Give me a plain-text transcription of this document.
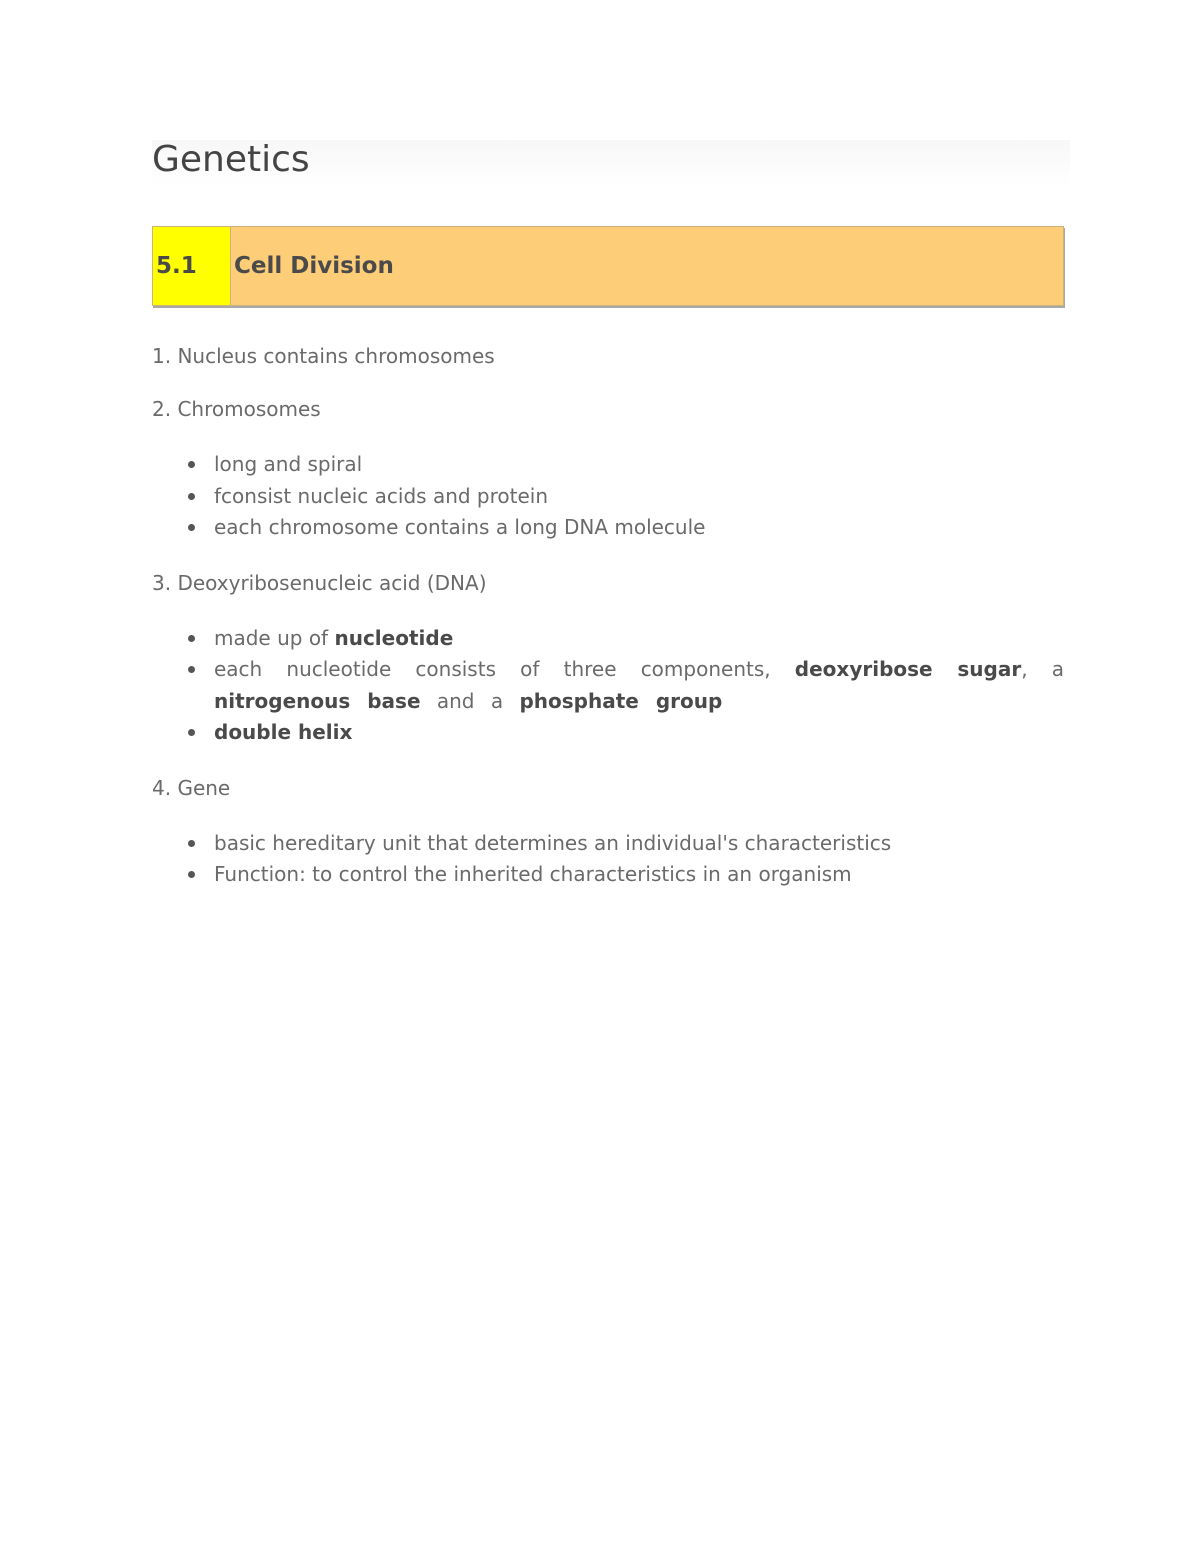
Genetics
5.1	Cell Division

1. Nucleus contains chromosomes

2. Chromosomes

long and spiral
fconsist nucleic acids and protein
each chromosome contains a long DNA molecule

3. Deoxyribosenucleic acid (DNA)

made up of nucleotide
each nucleotide consists of three components, deoxyribose sugar, a nitrogenous base and a phosphate group
double helix

4. Gene

basic hereditary unit that determines an individual's characteristics
Function: to control the inherited characteristics in an organism
